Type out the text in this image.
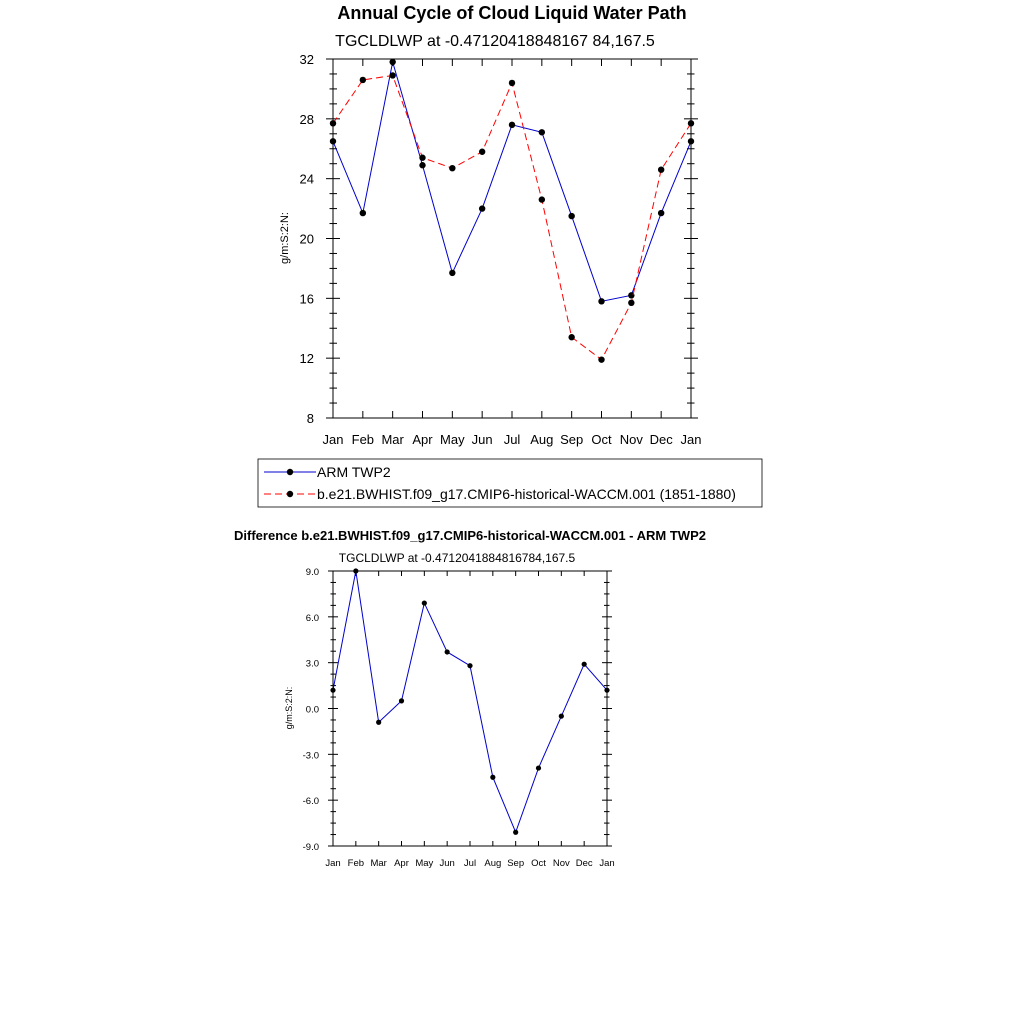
Annual Cycle of Cloud Liquid Water Path
TGCLDLWP at -0.47120418848167 84,167.5
g/m:S:2:N:
8
12
16
20
24
28
32
Jan Feb Mar Apr May Jun Jul Aug Sep Oct Nov Dec Jan
ARM TWP2
b.e21.BWHIST.f09_g17.CMIP6-historical-WACCM.001 (1851-1880)
Difference b.e21.BWHIST.f09_g17.CMIP6-historical-WACCM.001 - ARM TWP2
TGCLDLWP at -0.4712041884816784,167.5
g/m:S:2:N:
-9.0
-6.0
-3.0
0.0
3.0
6.0
9.0
Jan Feb Mar Apr May Jun Jul Aug Sep Oct Nov Dec Jan
